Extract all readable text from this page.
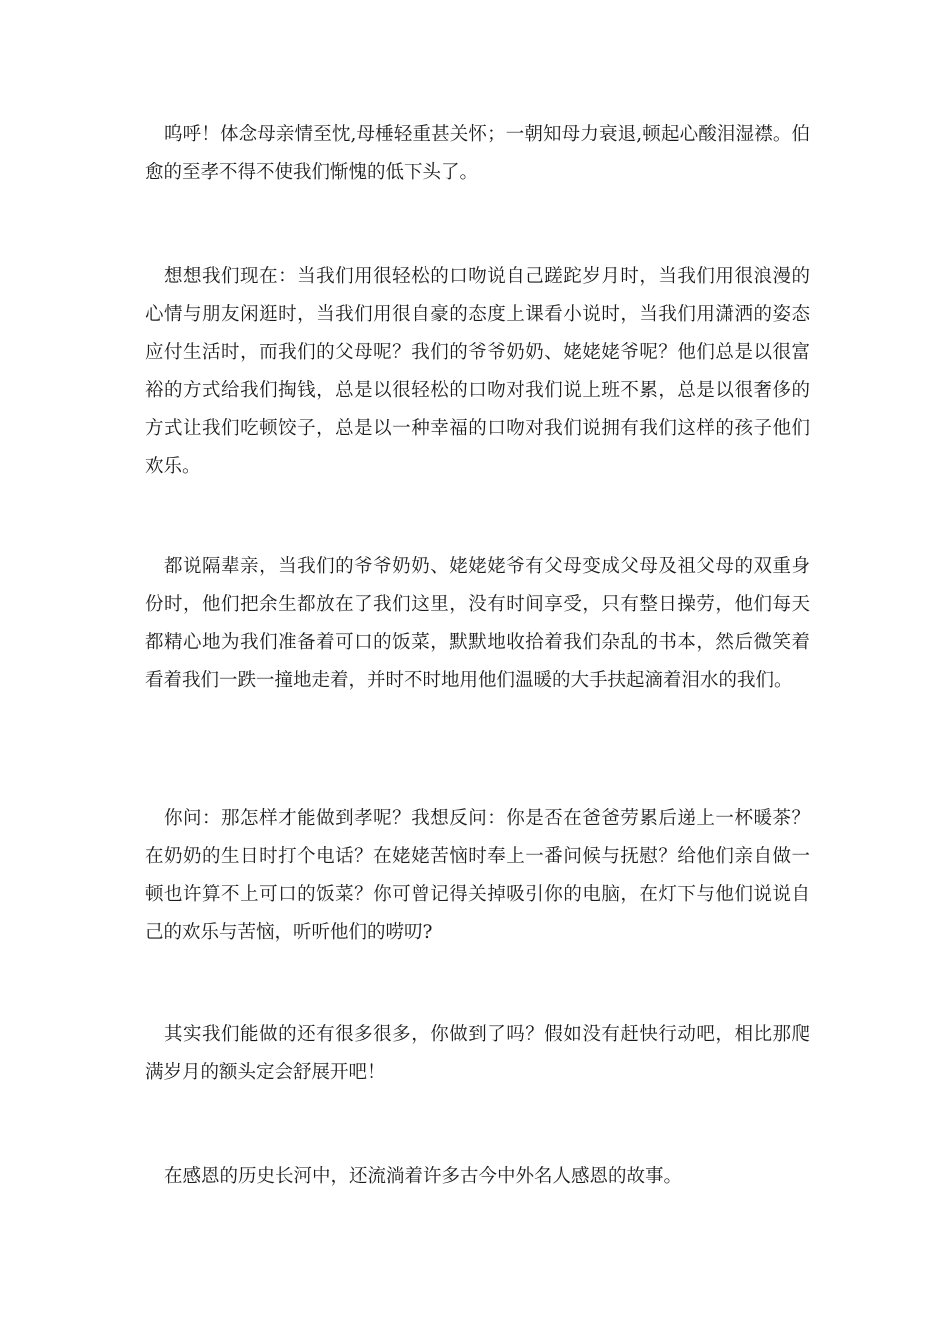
呜呼！体念母亲情至忱,母棰轻重甚关怀；一朝知母力衰退,顿起心酸泪湿襟。伯愈的至孝不得不使我们惭愧的低下头了。

想想我们现在：当我们用很轻松的口吻说自己蹉跎岁月时，当我们用很浪漫的心情与朋友闲逛时，当我们用很自豪的态度上课看小说时，当我们用潇洒的姿态应付生活时，而我们的父母呢？我们的爷爷奶奶、姥姥姥爷呢？他们总是以很富裕的方式给我们掏钱，总是以很轻松的口吻对我们说上班不累，总是以很奢侈的方式让我们吃顿饺子，总是以一种幸福的口吻对我们说拥有我们这样的孩子他们欢乐。

都说隔辈亲，当我们的爷爷奶奶、姥姥姥爷有父母变成父母及祖父母的双重身份时，他们把余生都放在了我们这里，没有时间享受，只有整日操劳，他们每天都精心地为我们准备着可口的饭菜，默默地收拾着我们杂乱的书本，然后微笑着看着我们一跌一撞地走着，并时不时地用他们温暖的大手扶起滴着泪水的我们。

你问：那怎样才能做到孝呢？我想反问：你是否在爸爸劳累后递上一杯暖茶？在奶奶的生日时打个电话？在姥姥苦恼时奉上一番问候与抚慰？给他们亲自做一顿也许算不上可口的饭菜？你可曾记得关掉吸引你的电脑，在灯下与他们说说自己的欢乐与苦恼，听听他们的唠叨?

其实我们能做的还有很多很多，你做到了吗？假如没有赶快行动吧，相比那爬满岁月的额头定会舒展开吧！

在感恩的历史长河中，还流淌着许多古今中外名人感恩的故事。
